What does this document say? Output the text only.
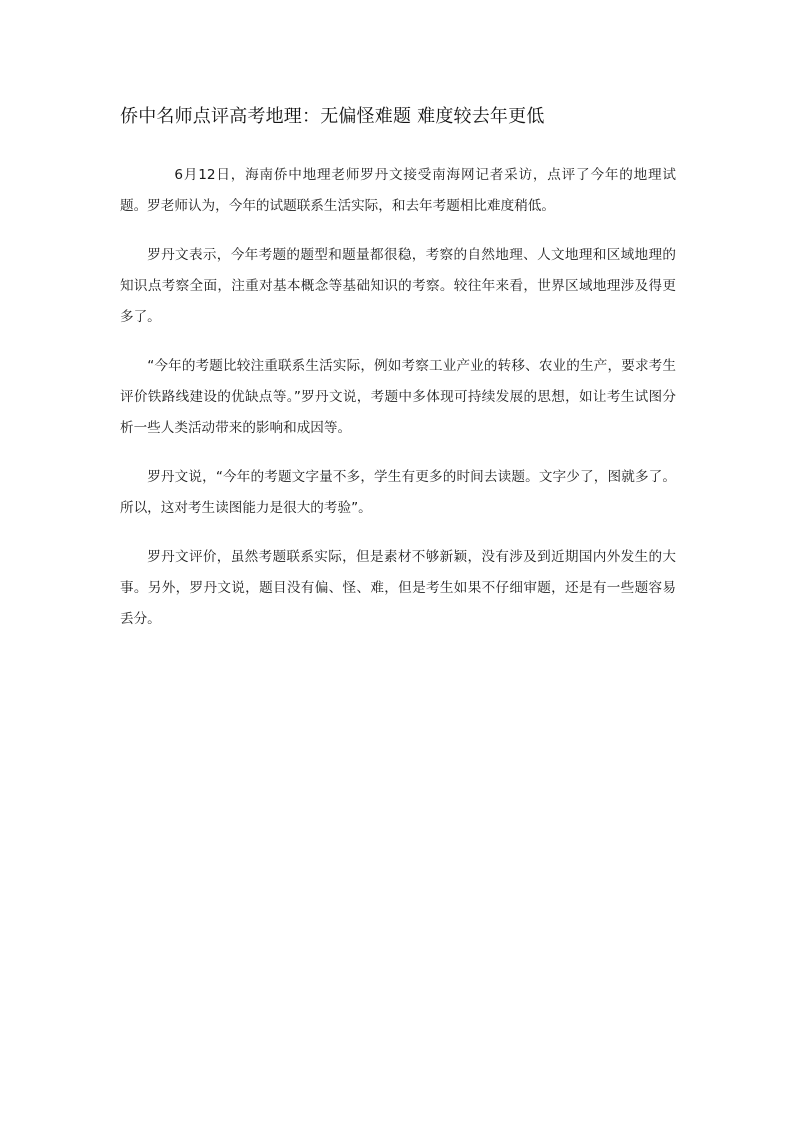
侨中名师点评高考地理：无偏怪难题 难度较去年更低

6月12日，海南侨中地理老师罗丹文接受南海网记者采访，点评了今年的地理试题。罗老师认为，今年的试题联系生活实际，和去年考题相比难度稍低。

罗丹文表示，今年考题的题型和题量都很稳，考察的自然地理、人文地理和区域地理的知识点考察全面，注重对基本概念等基础知识的考察。较往年来看，世界区域地理涉及得更多了。

“今年的考题比较注重联系生活实际，例如考察工业产业的转移、农业的生产，要求考生评价铁路线建设的优缺点等。”罗丹文说，考题中多体现可持续发展的思想，如让考生试图分析一些人类活动带来的影响和成因等。

罗丹文说，“今年的考题文字量不多，学生有更多的时间去读题。文字少了，图就多了。所以，这对考生读图能力是很大的考验”。

罗丹文评价，虽然考题联系实际，但是素材不够新颖，没有涉及到近期国内外发生的大事。另外，罗丹文说，题目没有偏、怪、难，但是考生如果不仔细审题，还是有一些题容易丢分。
